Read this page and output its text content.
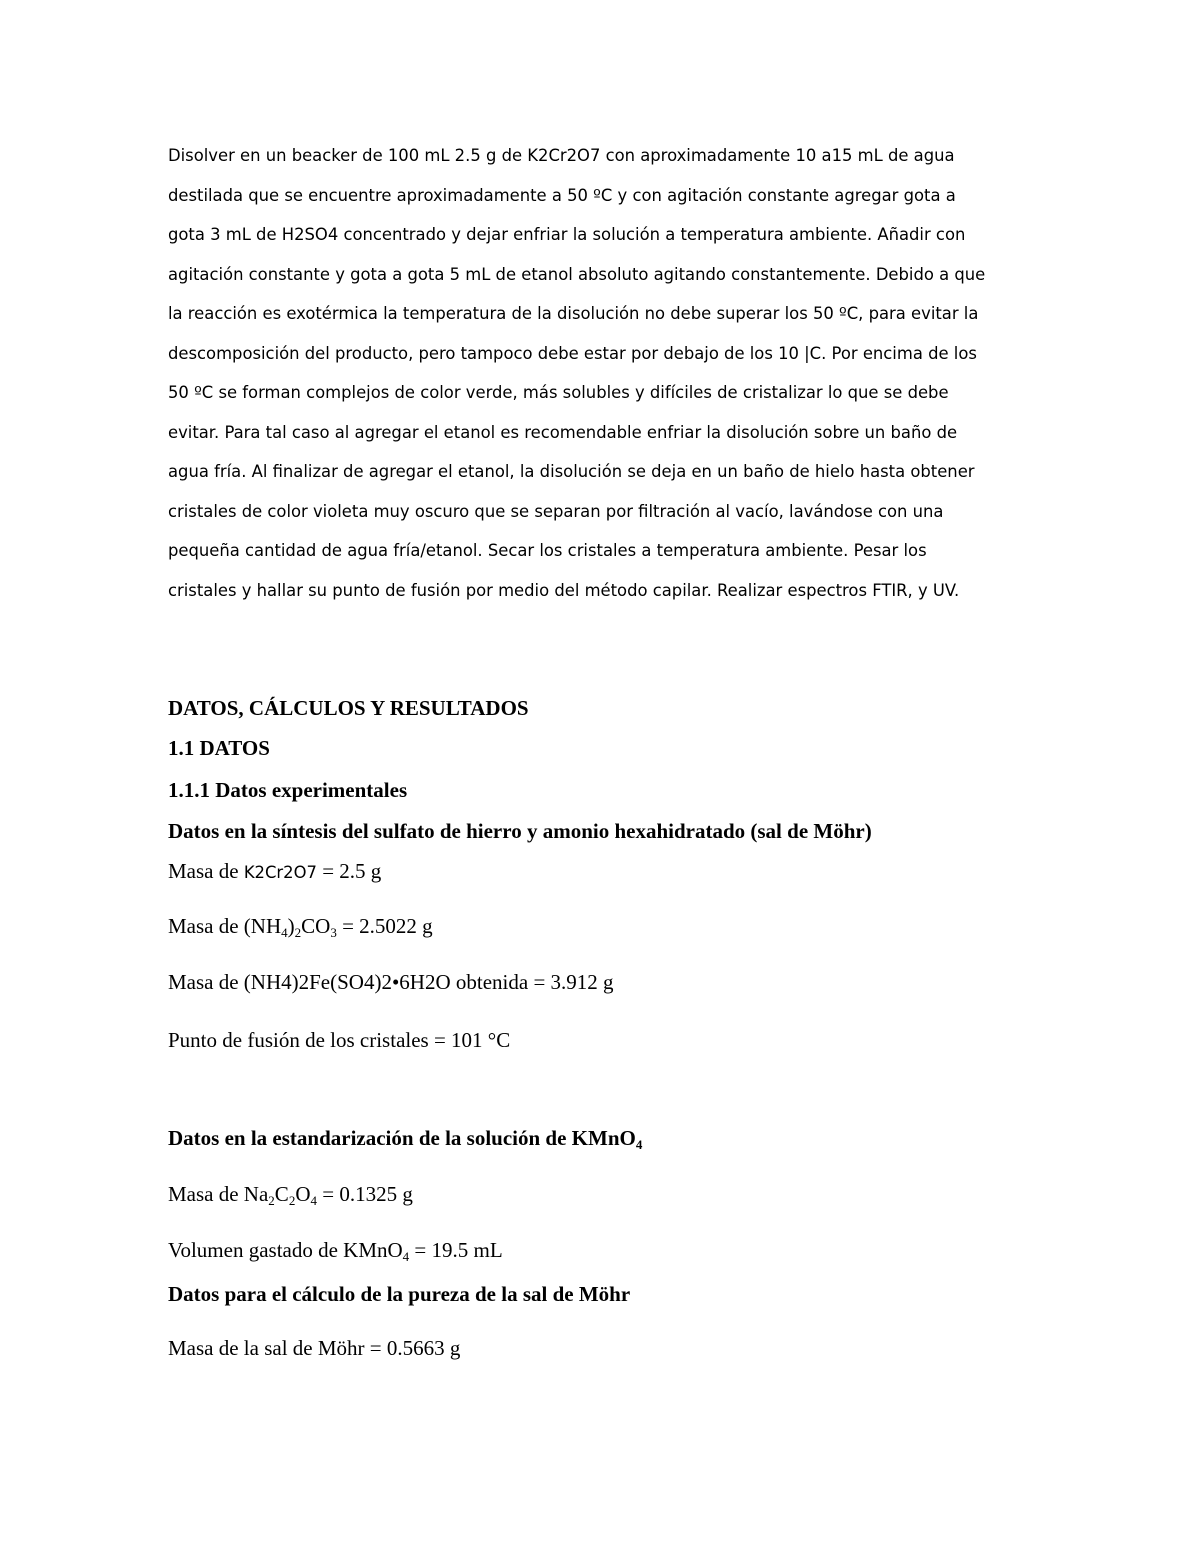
Disolver en un beacker de 100 mL 2.5 g de K2Cr2O7 con aproximadamente 10 a15 mL de agua
destilada que se encuentre aproximadamente a 50 ºC y con agitación constante agregar gota a
gota 3 mL de H2SO4 concentrado y dejar enfriar la solución a temperatura ambiente. Añadir con
agitación constante y gota a gota 5 mL de etanol absoluto agitando constantemente. Debido a que
la reacción es exotérmica la temperatura de la disolución no debe superar los 50 ºC, para evitar la
descomposición del producto, pero tampoco debe estar por debajo de los 10 |C. Por encima de los
50 ºC se forman complejos de color verde, más solubles y difíciles de cristalizar lo que se debe
evitar. Para tal caso al agregar el etanol es recomendable enfriar la disolución sobre un baño de
agua fría. Al finalizar de agregar el etanol, la disolución se deja en un baño de hielo hasta obtener
cristales de color violeta muy oscuro que se separan por filtración al vacío, lavándose con una
pequeña cantidad de agua fría/etanol. Secar los cristales a temperatura ambiente. Pesar los
cristales y hallar su punto de fusión por medio del método capilar. Realizar espectros FTIR, y UV.
DATOS, CÁLCULOS Y RESULTADOS
1.1 DATOS
1.1.1 Datos experimentales
Datos en la síntesis del sulfato de hierro y amonio hexahidratado (sal de Möhr)
Masa de K2Cr2O7 = 2.5 g
Masa de $(NH_4)_2CO_3 = 2.5022$ g
Masa de (NH4)2Fe(SO4)2•6H2O obtenida = 3.912 g
Punto de fusión de los cristales = 101 °C
Datos en la estandarización de la solución de KMnO$_4$
Masa de $Na_2C_2O_4 = 0.1325$ g
Volumen gastado de KMnO$_4$ = 19.5 mL
Datos para el cálculo de la pureza de la sal de Möhr
Masa de la sal de Möhr = 0.5663 g
